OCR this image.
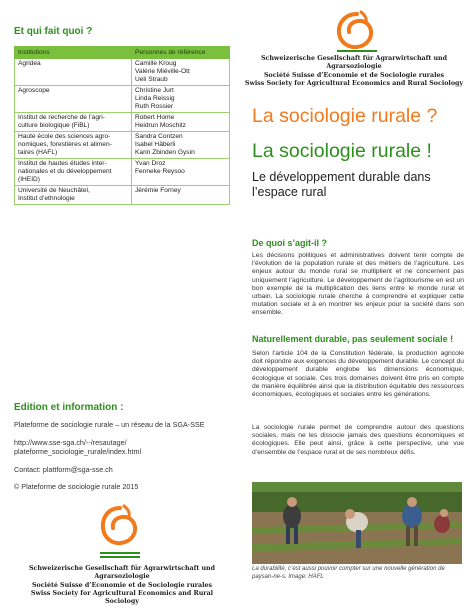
Et qui fait quoi ?
Institutions	Personnes de référence

Agridea	Camille Kroug
Valérie Miéville-Ott
Ueli Straub

Agroscope	Christine Jurt
Linda Reissig
Ruth Rossier

Institut de recherche de l’agri-
culture biologique (FiBL)	Robert Home
Heidrun Moschitz

Haute école des sciences agro-
nomiques, forestières et alimen-
taires (HAFL)	Sandra Contzen
Isabel Häberli
Karin Zbinden Gysin

Institut de hautes études inter-
nationales et du développement
(IHEID)	Yvan Droz
Fenneke Reysoo

Université de Neuchâtel,
Institut d’ethnologie	Jérémie Forney
Edition et information :

Plateforme de sociologie rurale – un réseau de la SGA-SSE

http://www.sse-sga.ch/--/resautage/
plateforme_sociologie_rurale/index.html

Contact: plattform@sga-sse.ch

© Plateforme de sociologie rurale 2015

Schweizerische Gesellschaft für Agrarwirtschaft und Agrarsoziologie
Société Suisse d’Economie et de Sociologie rurales
Swiss Society for Agricultural Economics and Rural Sociology
Schweizerische Gesellschaft für Agrarwirtschaft und Agrarsoziologie
Société Suisse d’Economie et de Sociologie rurales
Swiss Society for Agricultural Economics and Rural Sociology
La sociologie rurale ?
La sociologie rurale !
Le développement durable dans l’espace rural
De quoi s’agit-il ?
Les décisions politiques et administratives doivent tenir compte de l’évolution de la population rurale et des métiers de l’agriculture. Les enjeux autour du monde rural se multiplient et ne concernent pas uniquement l’agriculture. Le développement de l’agritourisme en est un bon exemple de la multiplication des liens entre le monde rural et urbain. La sociologie rurale cherche à comprendre et expliquer cette mutation sociale et à en montrer les enjeux pour la société dans son ensemble.
Naturellement durable, pas seulement sociale !
Selon l’article 104 de la Constitution fédérale, la production agricole doit répondre aux exigences du développement durable. Le concept du développement durable englobe les dimensions économique, écologique et sociale. Ces trois domaines doivent être pris en compte de manière équilibrée ainsi que la distribution équitable des ressources économiques, écologiques et sociales entre les générations.
La sociologie rurale permet de comprendre autour des questions sociales, mais ne les dissocie jamais des questions économiques et écologiques. Elle peut ainsi, grâce à cette perspective, une vue d’ensemble de l’espace rural et de ses nombreux défis.
La durabilité, c’est aussi pouvoir compter sur une nouvelle génération de paysan-ne-s. Image: HAFL
